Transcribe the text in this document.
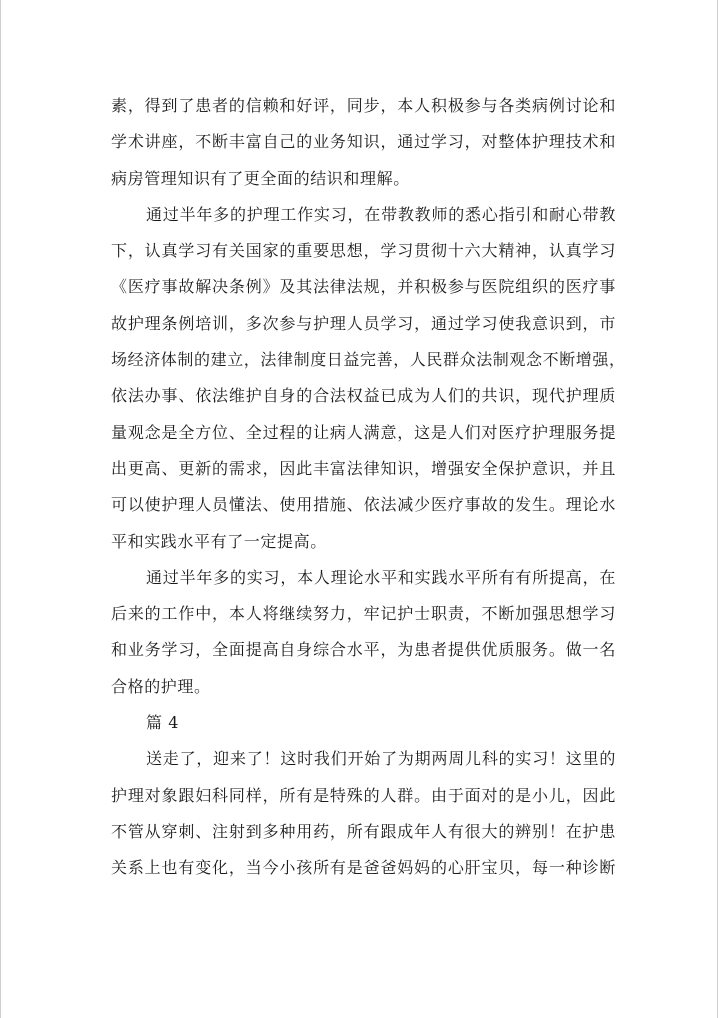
素，得到了患者的信赖和好评，同步，本人积极参与各类病例讨论和
学术讲座，不断丰富自己的业务知识，通过学习，对整体护理技术和
病房管理知识有了更全面的结识和理解。
通过半年多的护理工作实习，在带教教师的悉心指引和耐心带教
下，认真学习有关国家的重要思想，学习贯彻十六大精神，认真学习
《医疗事故解决条例》及其法律法规，并积极参与医院组织的医疗事
故护理条例培训，多次参与护理人员学习，通过学习使我意识到，市
场经济体制的建立，法律制度日益完善，人民群众法制观念不断增强，
依法办事、依法维护自身的合法权益已成为人们的共识，现代护理质
量观念是全方位、全过程的让病人满意，这是人们对医疗护理服务提
出更高、更新的需求，因此丰富法律知识，增强安全保护意识，并且
可以使护理人员懂法、使用措施、依法减少医疗事故的发生。理论水
平和实践水平有了一定提高。
通过半年多的实习，本人理论水平和实践水平所有有所提高，在
后来的工作中，本人将继续努力，牢记护士职责，不断加强思想学习
和业务学习，全面提高自身综合水平，为患者提供优质服务。做一名
合格的护理。
篇 4
送走了，迎来了！这时我们开始了为期两周儿科的实习！这里的
护理对象跟妇科同样，所有是特殊的人群。由于面对的是小儿，因此
不管从穿刺、注射到多种用药，所有跟成年人有很大的辨别！在护患
关系上也有变化，当今小孩所有是爸爸妈妈的心肝宝贝，每一种诊断
